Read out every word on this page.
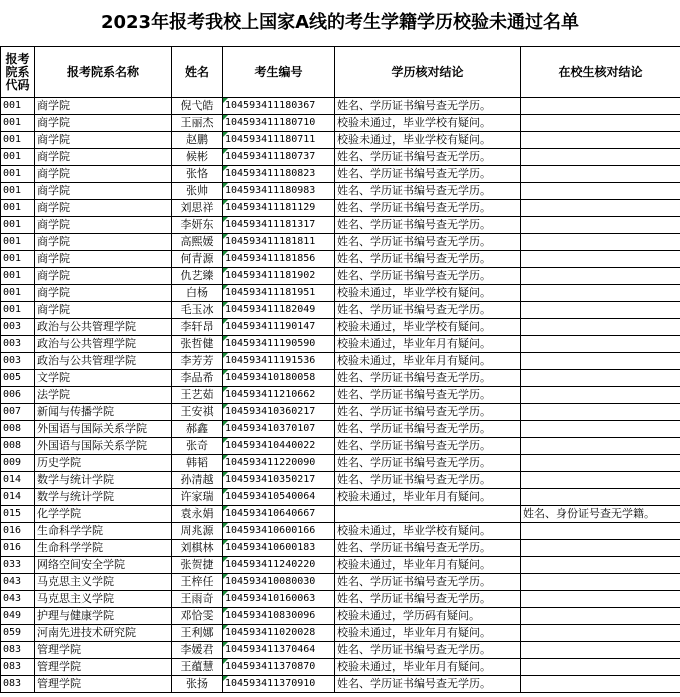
2023年报考我校上国家A线的考生学籍学历校验未通过名单
报考院系代码	报考院系名称	姓名	考生编号	学历核对结论	在校生核对结论
001	商学院	倪弋皓	104593411180367	姓名、学历证书编号查无学历。	
001	商学院	王丽杰	104593411180710	校验未通过，毕业学校有疑问。	
001	商学院	赵鹏	104593411180711	校验未通过，毕业学校有疑问。	
001	商学院	候彬	104593411180737	姓名、学历证书编号查无学历。	
001	商学院	张恪	104593411180823	姓名、学历证书编号查无学历。	
001	商学院	张帅	104593411180983	姓名、学历证书编号查无学历。	
001	商学院	刘思祥	104593411181129	姓名、学历证书编号查无学历。	
001	商学院	李妍东	104593411181317	姓名、学历证书编号查无学历。	
001	商学院	高熙媛	104593411181811	姓名、学历证书编号查无学历。	
001	商学院	何青源	104593411181856	姓名、学历证书编号查无学历。	
001	商学院	仇艺臻	104593411181902	姓名、学历证书编号查无学历。	
001	商学院	白杨	104593411181951	校验未通过，毕业学校有疑问。	
001	商学院	毛玉冰	104593411182049	姓名、学历证书编号查无学历。	
003	政治与公共管理学院	李轩昂	104593411190147	校验未通过，毕业学校有疑问。	
003	政治与公共管理学院	张哲健	104593411190590	校验未通过，毕业年月有疑问。	
003	政治与公共管理学院	李芳芳	104593411191536	校验未通过，毕业年月有疑问。	
005	文学院	李品希	104593410180058	姓名、学历证书编号查无学历。	
006	法学院	王艺茹	104593411210662	姓名、学历证书编号查无学历。	
007	新闻与传播学院	王安祺	104593410360217	姓名、学历证书编号查无学历。	
008	外国语与国际关系学院	郝鑫	104593410370107	姓名、学历证书编号查无学历。	
008	外国语与国际关系学院	张奇	104593410440022	姓名、学历证书编号查无学历。	
009	历史学院	韩韬	104593411220090	姓名、学历证书编号查无学历。	
014	数学与统计学院	孙清越	104593410350217	姓名、学历证书编号查无学历。	
014	数学与统计学院	许家瑞	104593410540064	校验未通过，毕业年月有疑问。	
015	化学学院	袁永娟	104593410640667		姓名、身份证号查无学籍。
016	生命科学学院	周兆源	104593410600166	校验未通过，毕业学校有疑问。	
016	生命科学学院	刘棋林	104593410600183	姓名、学历证书编号查无学历。	
033	网络空间安全学院	张贺捷	104593411240220	校验未通过，毕业年月有疑问。	
043	马克思主义学院	王梓任	104593410080030	姓名、学历证书编号查无学历。	
043	马克思主义学院	王雨奇	104593410160063	姓名、学历证书编号查无学历。	
049	护理与健康学院	邓恰雯	104593410830096	校验未通过，学历码有疑问。	
059	河南先进技术研究院	王利娜	104593411020028	校验未通过，毕业年月有疑问。	
083	管理学院	李媛君	104593411370464	姓名、学历证书编号查无学历。	
083	管理学院	王蕴慧	104593411370870	校验未通过，毕业年月有疑问。	
083	管理学院	张扬	104593411370910	姓名、学历证书编号查无学历。	
